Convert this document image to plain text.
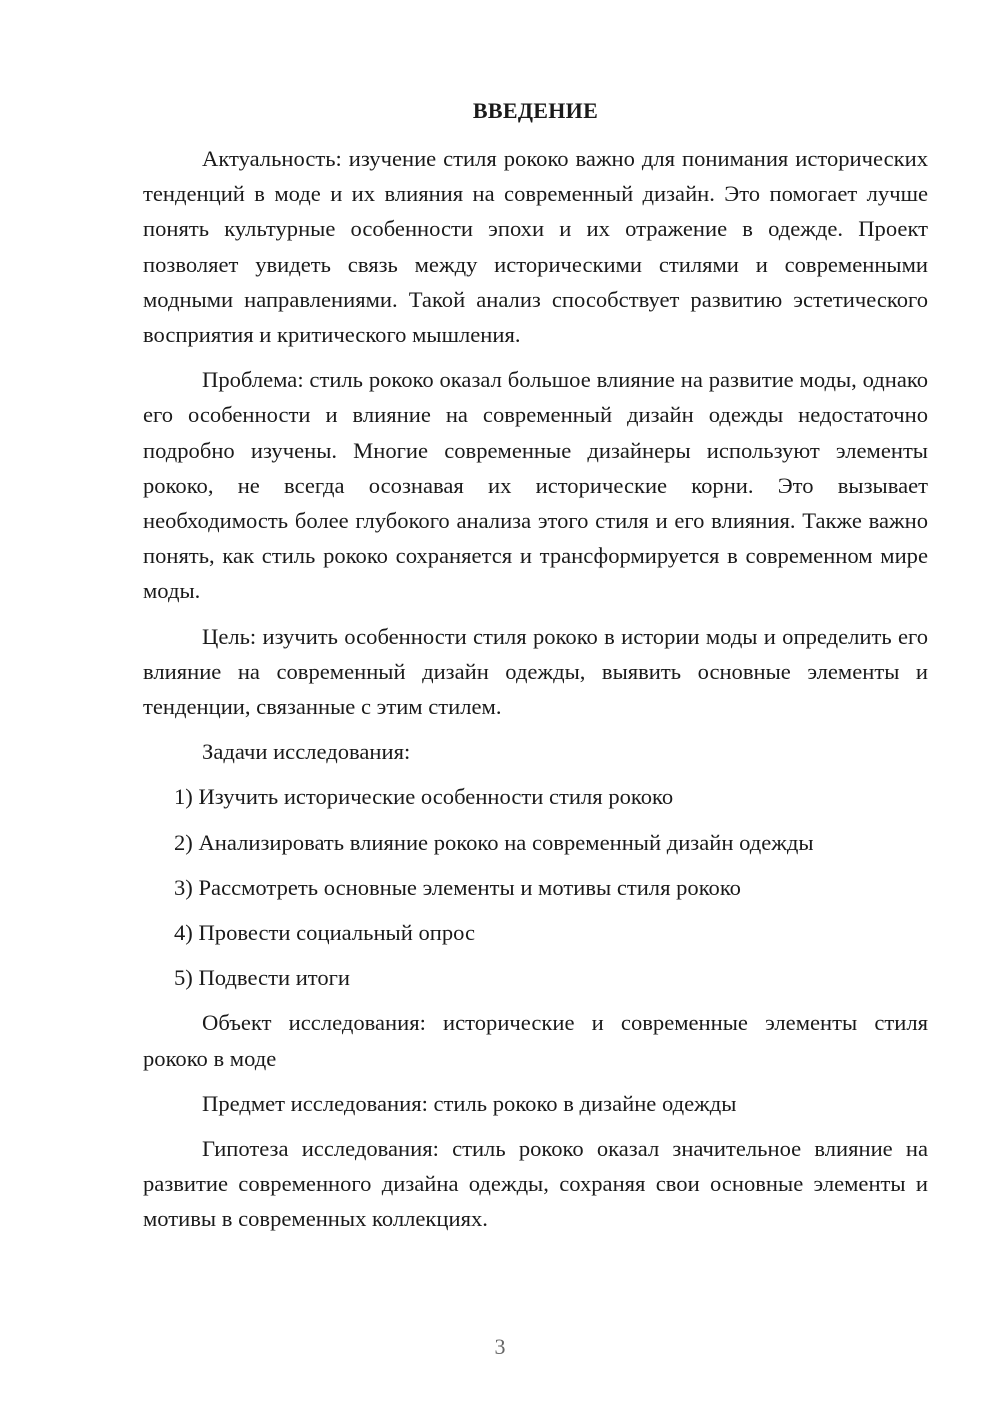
ВВЕДЕНИЕ

Актуальность: изучение стиля рококо важно для понимания исторических тенденций в моде и их влияния на современный дизайн. Это помогает лучше понять культурные особенности эпохи и их отражение в одежде. Проект позволяет увидеть связь между историческими стилями и современными модными направлениями. Такой анализ способствует развитию эстетического восприятия и критического мышления.

Проблема: стиль рококо оказал большое влияние на развитие моды, однако его особенности и влияние на современный дизайн одежды недостаточно подробно изучены. Многие современные дизайнеры используют элементы рококо, не всегда осознавая их исторические корни. Это вызывает необходимость более глубокого анализа этого стиля и его влияния. Также важно понять, как стиль рококо сохраняется и трансформируется в современном мире моды.

Цель: изучить особенности стиля рококо в истории моды и определить его влияние на современный дизайн одежды, выявить основные элементы и тенденции, связанные с этим стилем.

Задачи исследования:
1) Изучить исторические особенности стиля рококо
2) Анализировать влияние рококо на современный дизайн одежды
3) Рассмотреть основные элементы и мотивы стиля рококо
4) Провести социальный опрос
5) Подвести итоги

Объект исследования: исторические и современные элементы стиля рококо в моде

Предмет исследования: стиль рококо в дизайне одежды

Гипотеза исследования: стиль рококо оказал значительное влияние на развитие современного дизайна одежды, сохраняя свои основные элементы и мотивы в современных коллекциях.

3
